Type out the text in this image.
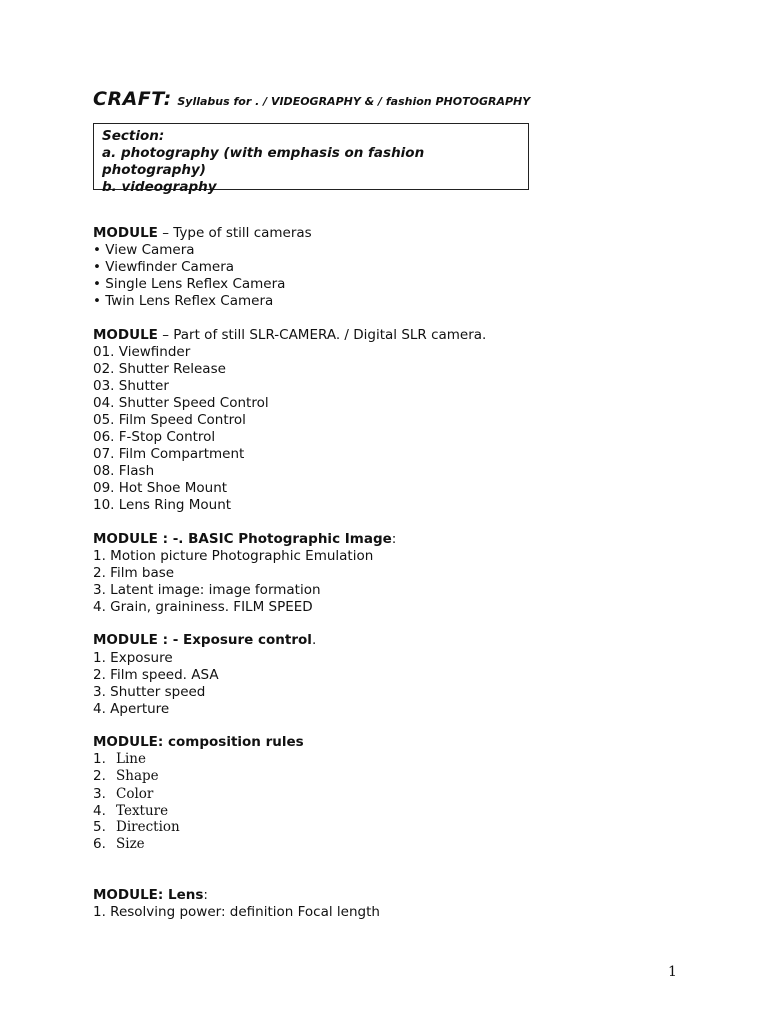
CRAFT: Syllabus for . / VIDEOGRAPHY & / fashion PHOTOGRAPHY
Section:
a. photography (with emphasis on fashion photography)
b. videography
MODULE – Type of still cameras
• View Camera
• Viewfinder Camera
• Single Lens Reflex Camera
• Twin Lens Reflex Camera
MODULE – Part of still SLR-CAMERA. / Digital SLR camera.
01. Viewfinder
02. Shutter Release
03. Shutter
04. Shutter Speed Control
05. Film Speed Control
06. F-Stop Control
07. Film Compartment
08. Flash
09. Hot Shoe Mount
10. Lens Ring Mount
MODULE : -. BASIC Photographic Image:
1. Motion picture Photographic Emulation
2. Film base
3. Latent image: image formation
4. Grain, graininess. FILM SPEED
MODULE : - Exposure control.
1. Exposure
2. Film speed. ASA
3. Shutter speed
4. Aperture
MODULE: composition rules
1. Line
2. Shape
3. Color
4. Texture
5. Direction
6. Size
MODULE: Lens:
1. Resolving power: definition Focal length
1
